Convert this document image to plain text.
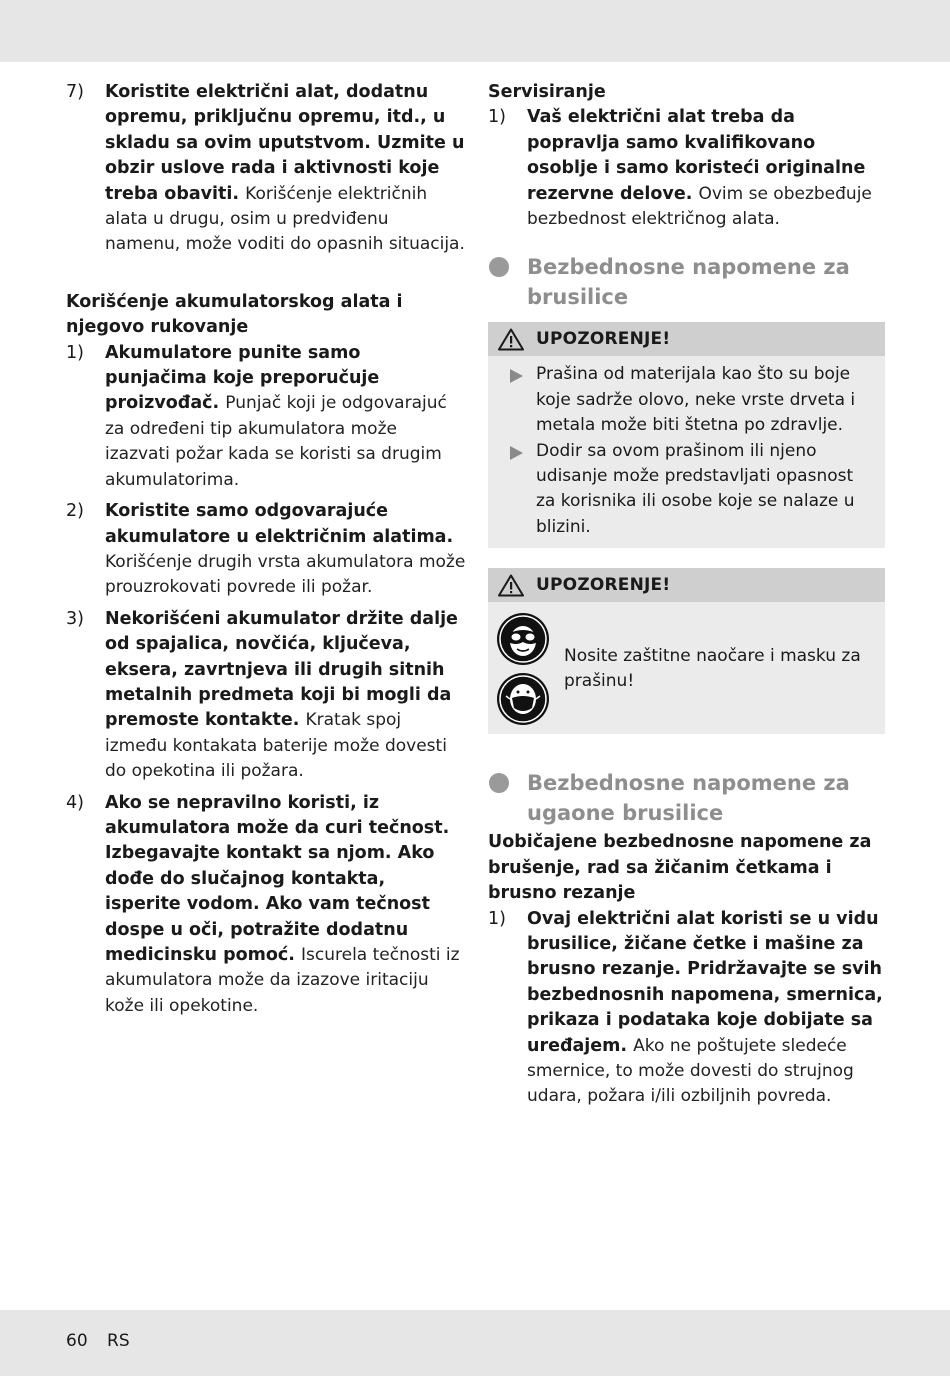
7) Koristite električni alat, dodatnu opremu, priključnu opremu, itd., u skladu sa ovim uputstvom. Uzmite u obzir uslove rada i aktivnosti koje treba obaviti. Korišćenje električnih alata u drugu, osim u predviđenu namenu, može voditi do opasnih situacija.
Korišćenje akumulatorskog alata i njegovo rukovanje
1) Akumulatore punite samo punjačima koje preporučuje proizvođač. Punjač koji je odgovarajuć za određeni tip akumulatora može izazvati požar kada se koristi sa drugim akumulatorima.
2) Koristite samo odgovarajuće akumulatore u električnim alatima. Korišćenje drugih vrsta akumulatora može prouzrokovati povrede ili požar.
3) Nekorišćeni akumulator držite dalje od spajalica, novčića, ključeva, eksera, zavrtnjeva ili drugih sitnih metalnih predmeta koji bi mogli da premoste kontakte. Kratak spoj između kontakata baterije može dovesti do opekotina ili požara.
4) Ako se nepravilno koristi, iz akumulatora može da curi tečnost. Izbegavajte kontakt sa njom. Ako dođe do slučajnog kontakta, isperite vodom. Ako vam tečnost dospe u oči, potražite dodatnu medicinsku pomoć. Iscurela tečnosti iz akumulatora može da izazove iritaciju kože ili opekotine.
Servisiranje
1) Vaš električni alat treba da popravlja samo kvalifikovano osoblje i samo koristeći originalne rezervne delove. Ovim se obezbeđuje bezbednost električnog alata.
Bezbednosne napomene za brusilice
UPOZORENJE!
Prašina od materijala kao što su boje koje sadrže olovo, neke vrste drveta i metala može biti štetna po zdravlje.
Dodir sa ovom prašinom ili njeno udisanje može predstavljati opasnost za korisnika ili osobe koje se nalaze u blizini.
UPOZORENJE!
Nosite zaštitne naočare i masku za prašinu!
Bezbednosne napomene za ugaone brusilice
Uobičajene bezbednosne napomene za brušenje, rad sa žičanim četkama i brusno rezanje
1) Ovaj električni alat koristi se u vidu brusilice, žičane četke i mašine za brusno rezanje. Pridržavajte se svih bezbednosnih napomena, smernica, prikaza i podataka koje dobijate sa uređajem. Ako ne poštujete sledeće smernice, to može dovesti do strujnog udara, požara i/ili ozbiljnih povreda.
60 RS
